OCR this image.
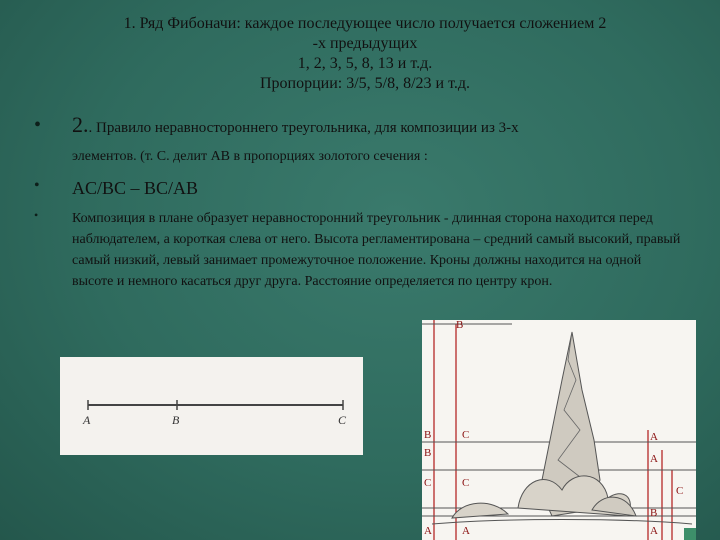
1. Ряд Фибоначи: каждое последующее число получается сложением 2
-х предыдущих
1, 2, 3, 5, 8, 13 и т.д.
Пропорции: 3/5, 5/8, 8/23 и т.д.
• 2.. Правило неравностороннего треугольника, для композиции из 3-х
элементов. (т. С. делит АВ в пропорциях золотого сечения :
• AC/BC – BC/AB
• Композиция в плане образует неравносторонний треугольник - длинная сторона находится перед наблюдателем, а короткая слева от него. Высота регламентирована – средний самый высокий, правый самый низкий, левый занимает промежуточное положение. Кроны должны находится на одной высоте и немного касаться друг друга. Расстояние определяется по центру крон.
A	B	C
B
B
C
A
C
C
A
A
A
C
B
A
B
